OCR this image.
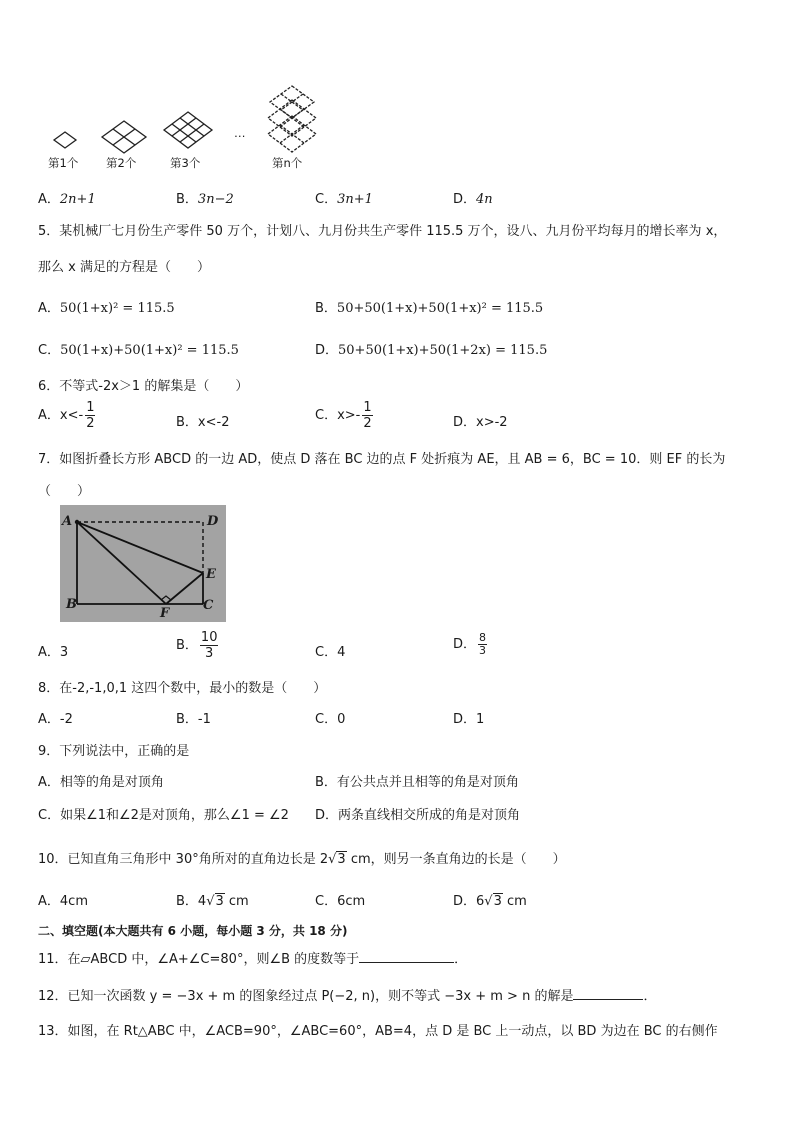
第1个 第2个	第3个
…
第n个
A．2n+1	B．3n−2	C．3n+1	D．4n
5．某机械厂七月份生产零件 50 万个，计划八、九月份共生产零件 115.5 万个，设八、九月份平均每月的增长率为 x，
那么 x 满足的方程是（　　）
A．50(1+x)² = 115.5	B．50+50(1+x)+50(1+x)² = 115.5
C．50(1+x)+50(1+x)² = 115.5	D．50+50(1+x)+50(1+2x) = 115.5
6．不等式-2x＞1 的解集是（　　）
A．$x<- \frac{1}{2}$	B．x<-2	C．$x>- \frac{1}{2}$	D．x>-2
7．如图折叠长方形 ABCD 的一边 AD，使点 D 落在 BC 边的点 F 处折痕为 AE，且 AB = 6，BC = 10．则 EF 的长为
（　　）
A	D
E
B
F
C
A．3	B． $\frac{10}{3}$	C．4
D． $\frac{8}{3}$
8．在-2,-1,0,1 这四个数中，最小的数是（　　）
A．-2	B．-1	C．0	D．1
9．下列说法中，正确的是
A．相等的角是对顶角	B．有公共点并且相等的角是对顶角
C．如果∠1和∠2是对顶角，那么∠1 = ∠2 D．两条直线相交所成的角是对顶角
10．已知直角三角形中 30°角所对的直角边长是 2√3 cm，则另一条直角边的长是（　　）
A．4cm	B．4√3 cm	C．6cm	D．6√3 cm
二、填空题(本大题共有 6 小题，每小题 3 分，共 18 分)
11．在▱ABCD 中，∠A+∠C=80°，则∠B 的度数等于	．
12．已知一次函数 y = −3x + m 的图象经过点 P(−2, n)，则不等式 −3x + m > n 的解是	．
13．如图，在 Rt△ABC 中，∠ACB=90°，∠ABC=60°，AB=4，点 D 是 BC 上一动点，以 BD 为边在 BC 的右侧作
